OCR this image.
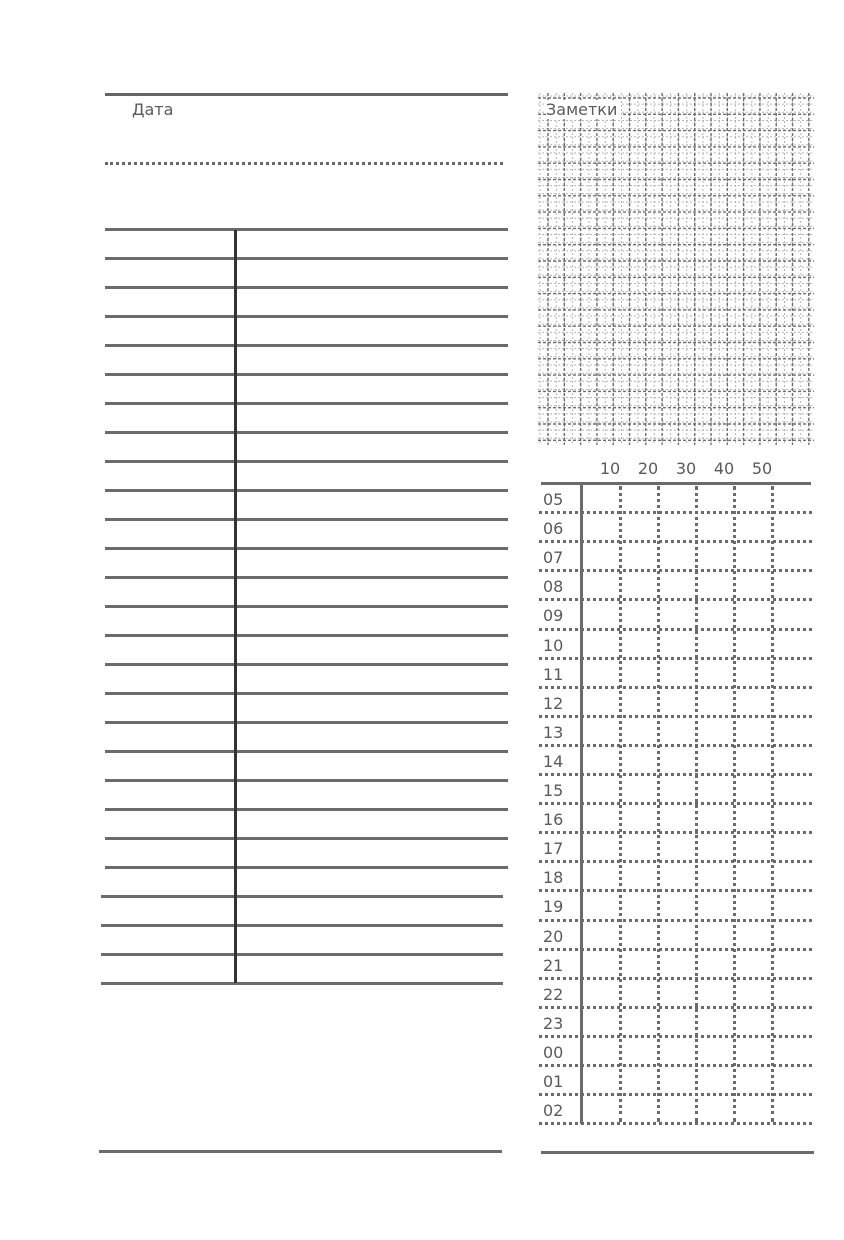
Дата	Заметки
10	20	30	40	50
05
06
07
08
09
10
11
12
13
14
15
16
17
18
19
20
21
22
23
00
01
02
